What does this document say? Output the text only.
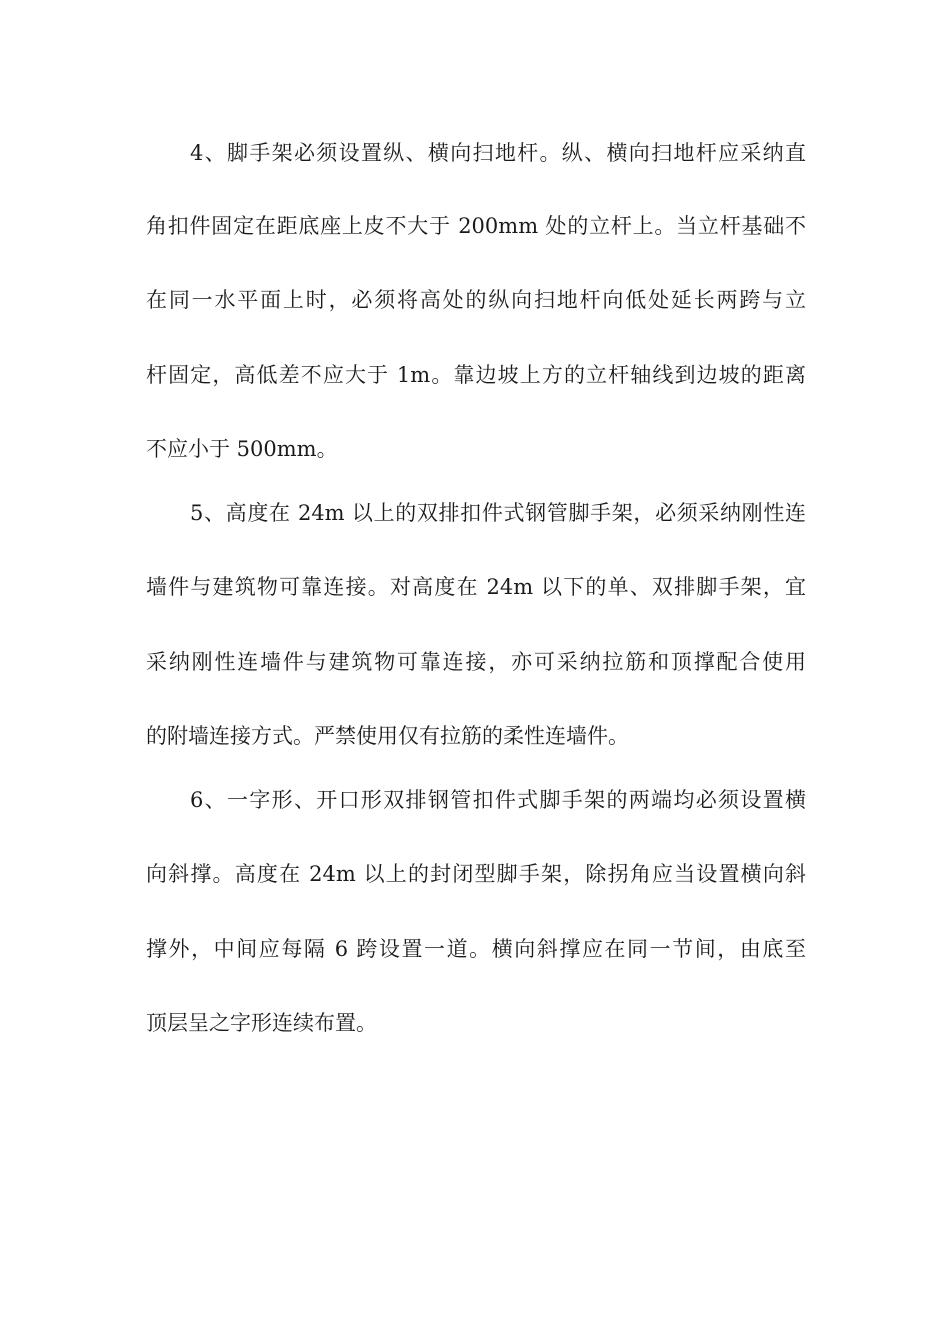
4、脚手架必须设置纵、横向扫地杆。纵、横向扫地杆应采纳直
角扣件固定在距底座上皮不大于 200mm 处的立杆上。当立杆基础不
在同一水平面上时，必须将高处的纵向扫地杆向低处延长两跨与立
杆固定，高低差不应大于 1m。靠边坡上方的立杆轴线到边坡的距离
不应小于 500mm。
5、高度在 24m 以上的双排扣件式钢管脚手架，必须采纳刚性连
墙件与建筑物可靠连接。对高度在 24m 以下的单、双排脚手架，宜
采纳刚性连墙件与建筑物可靠连接，亦可采纳拉筋和顶撑配合使用
的附墙连接方式。严禁使用仅有拉筋的柔性连墙件。
6、一字形、开口形双排钢管扣件式脚手架的两端均必须设置横
向斜撑。高度在 24m 以上的封闭型脚手架，除拐角应当设置横向斜
撑外，中间应每隔 6 跨设置一道。横向斜撑应在同一节间，由底至
顶层呈之字形连续布置。
